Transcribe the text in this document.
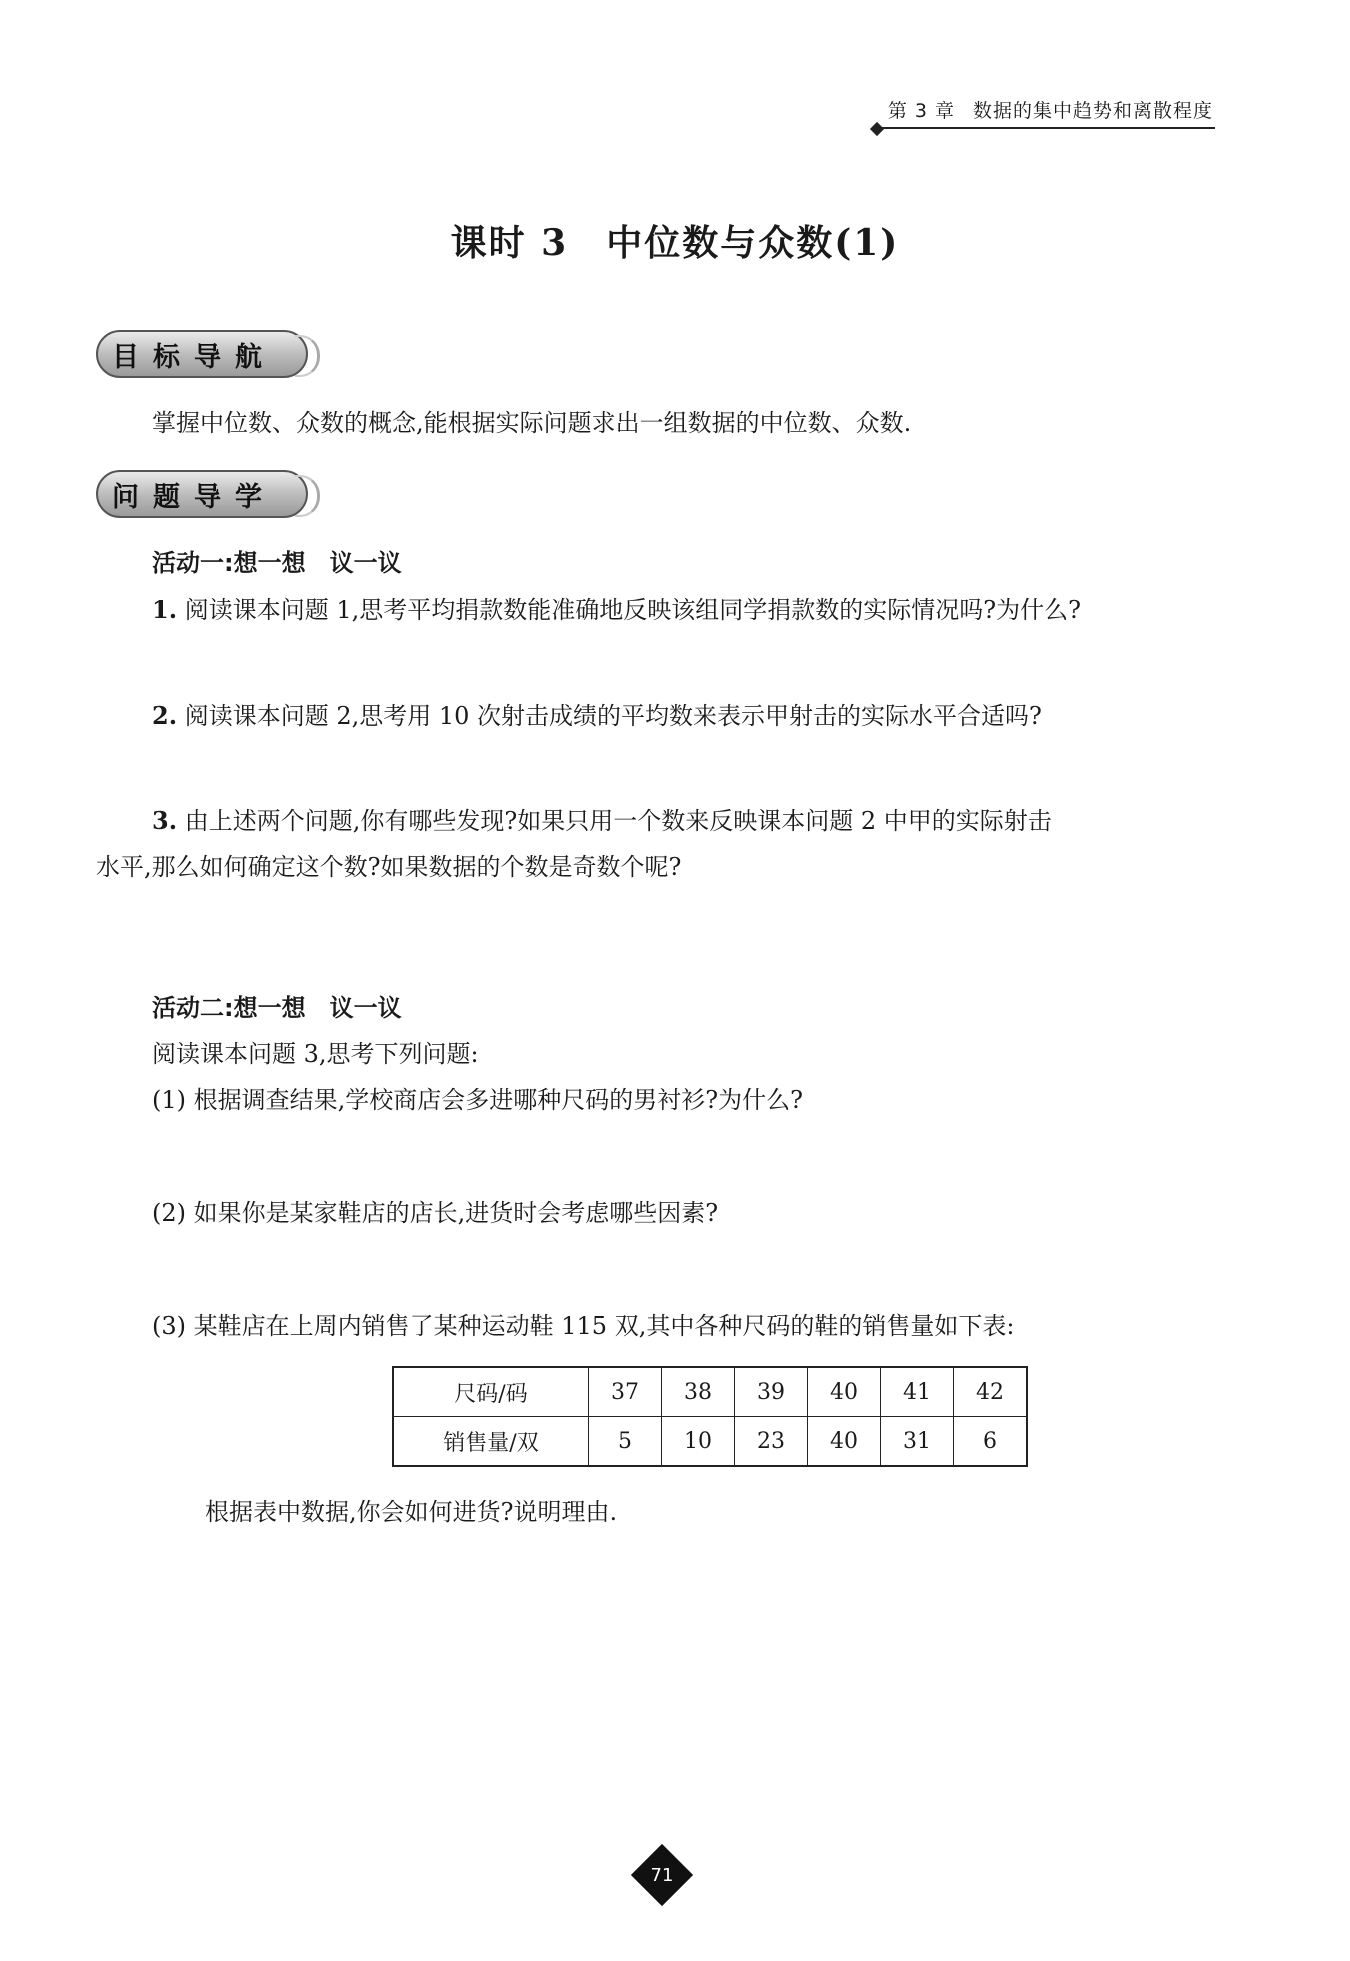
第 3 章 数据的集中趋势和离散程度
课时 3　中位数与众数(1)
目标导航
掌握中位数、众数的概念,能根据实际问题求出一组数据的中位数、众数.
问题导学
活动一:想一想　议一议
1. 阅读课本问题 1,思考平均捐款数能准确地反映该组同学捐款数的实际情况吗?为什么?
2. 阅读课本问题 2,思考用 10 次射击成绩的平均数来表示甲射击的实际水平合适吗?
3. 由上述两个问题,你有哪些发现?如果只用一个数来反映课本问题 2 中甲的实际射击
水平,那么如何确定这个数?如果数据的个数是奇数个呢?
活动二:想一想　议一议
阅读课本问题 3,思考下列问题:
(1) 根据调查结果,学校商店会多进哪种尺码的男衬衫?为什么?
(2) 如果你是某家鞋店的店长,进货时会考虑哪些因素?
(3) 某鞋店在上周内销售了某种运动鞋 115 双,其中各种尺码的鞋的销售量如下表:
尺码/码	37	38	39	40	41	42
销售量/双	5	10	23	40	31	6
根据表中数据,你会如何进货?说明理由.
71
